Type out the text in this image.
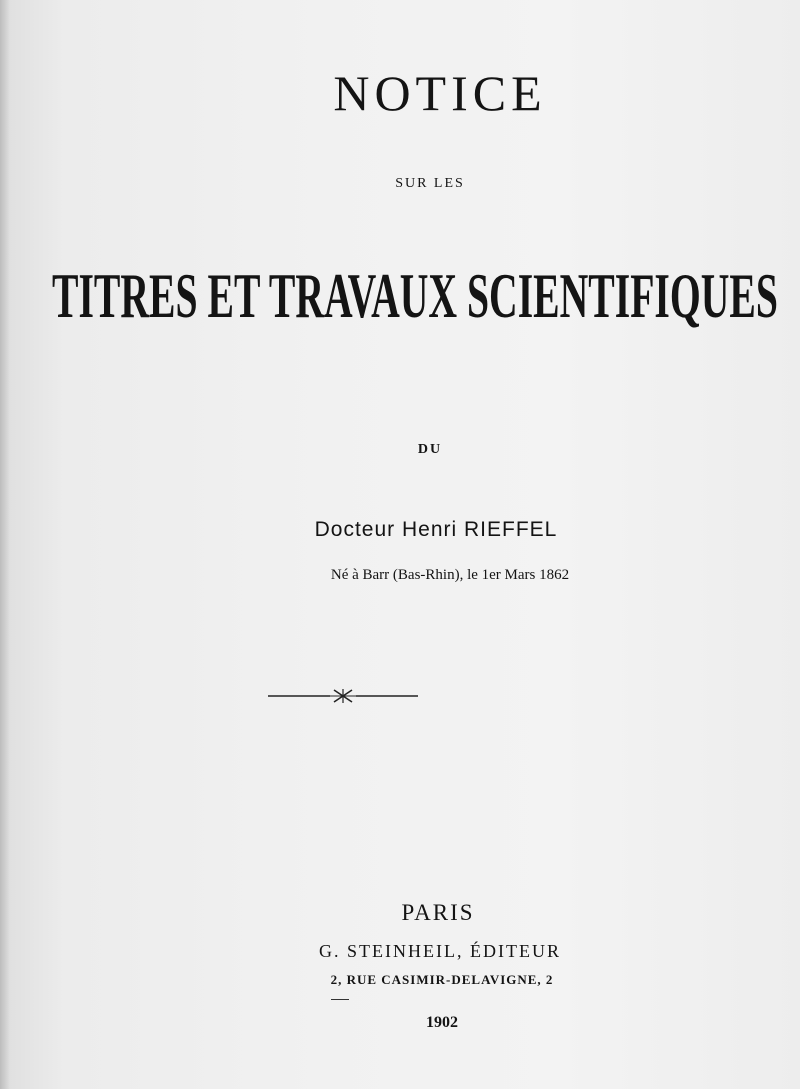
NOTICE
SUR LES
TITRES ET TRAVAUX SCIENTIFIQUES
DU
Docteur Henri RIEFFEL
Né à Barr (Bas-Rhin), le 1er Mars 1862
PARIS
G. STEINHEIL, ÉDITEUR
2, RUE CASIMIR-DELAVIGNE, 2
1902
